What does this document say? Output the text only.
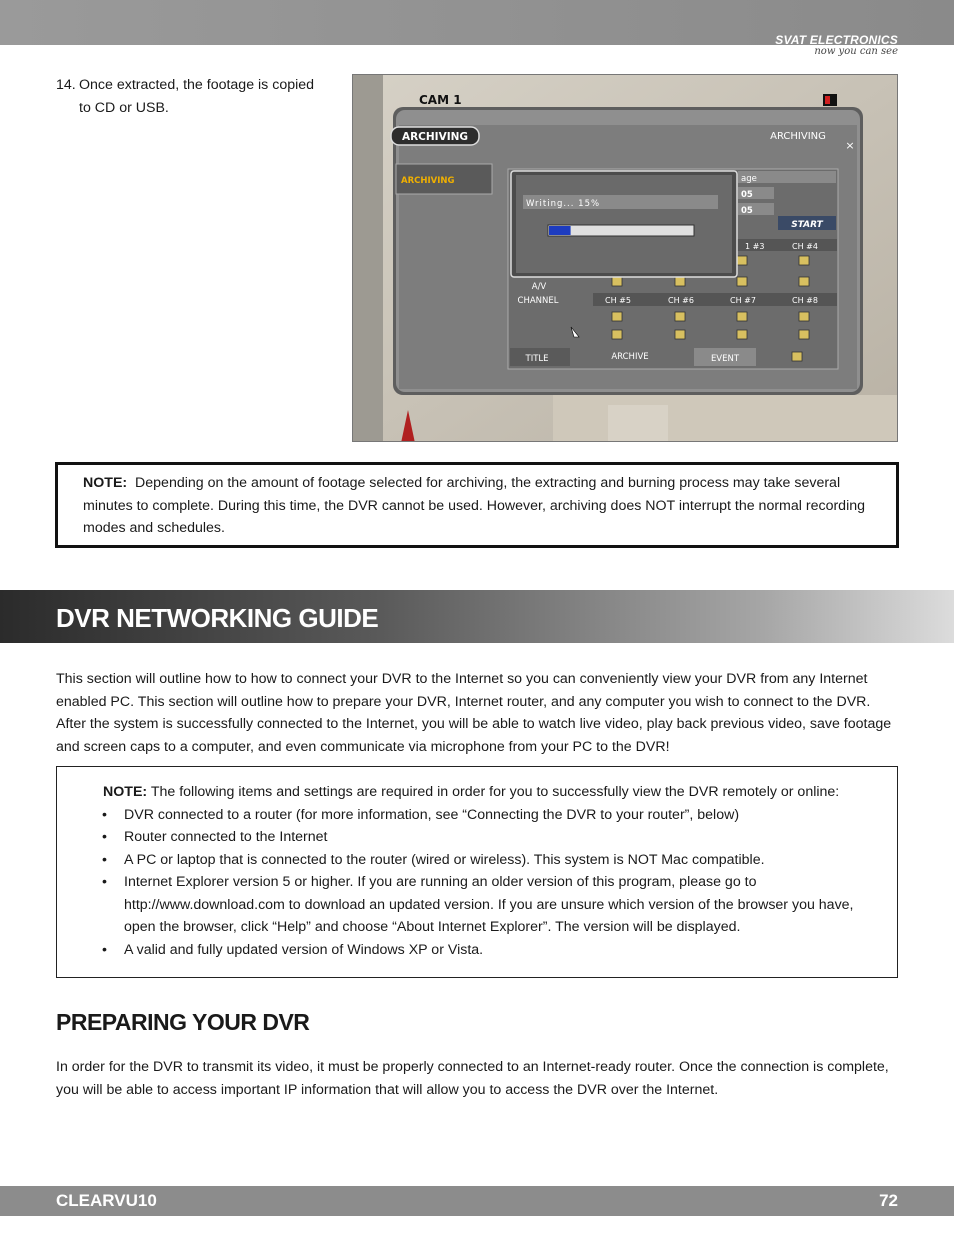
SVAT ELECTRONICS
now you can see
14. Once extracted, the footage is copied to CD or USB.
ARCHIVING	ARCHIVING
×
CAM 1
ARCHIVING	age
05
05
START
1 #3	CH #4
A/V
CHANNEL	CH #5	CH #6	CH #7	CH #8
TITLE	ARCHIVE	EVENT
Writing... 15%
NOTE: Depending on the amount of footage selected for archiving, the extracting and burning process may take several minutes to complete. During this time, the DVR cannot be used. However, archiving does NOT interrupt the normal recording modes and schedules.
DVR NETWORKING GUIDE

This section will outline how to how to connect your DVR to the Internet so you can conveniently view your DVR from any Internet enabled PC. This section will outline how to prepare your DVR, Internet router, and any computer you wish to connect to the DVR. After the system is successfully connected to the Internet, you will be able to watch live video, play back previous video, save footage and screen caps to a computer, and even communicate via microphone from your PC to the DVR!

NOTE: The following items and settings are required in order for you to successfully view the DVR remotely or online:
• DVR connected to a router (for more information, see “Connecting the DVR to your router”, below)
• Router connected to the Internet
• A PC or laptop that is connected to the router (wired or wireless). This system is NOT Mac compatible.
• Internet Explorer version 5 or higher. If you are running an older version of this program, please go to http://www.download.com to download an updated version. If you are unsure which version of the browser you have, open the browser, click “Help” and choose “About Internet Explorer”. The version will be displayed.
• A valid and fully updated version of Windows XP or Vista.
PREPARING YOUR DVR

In order for the DVR to transmit its video, it must be properly connected to an Internet-ready router. Once the connection is complete, you will be able to access important IP information that will allow you to access the DVR over the Internet.

CLEARVU10	72
